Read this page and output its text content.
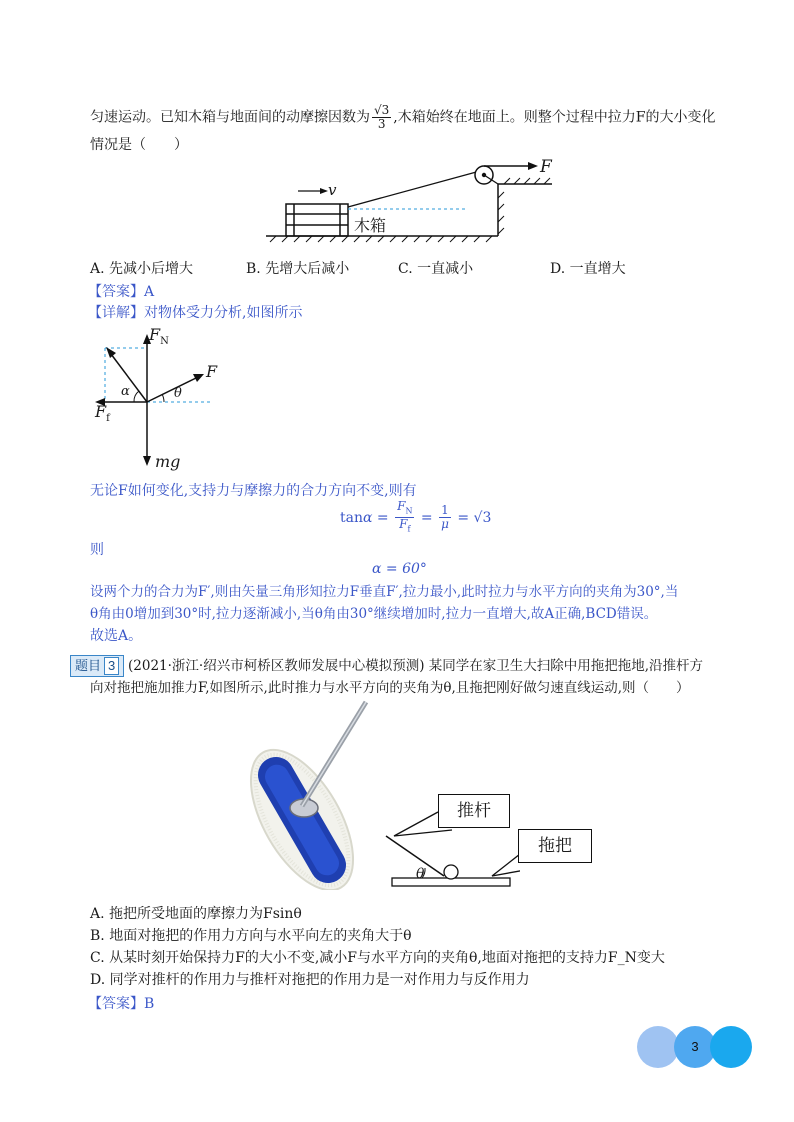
匀速运动。已知木箱与地面间的动摩擦因数为 $\frac{√3}{3}$ ,木箱始终在地面上。则整个过程中拉力F的大小变化
情况是（　　）
v
木箱
F
A. 先减小后增大	B. 先增大后减小	C. 一直减小	D. 一直增大
【答案】A
【详解】对物体受力分析,如图所示
$F_N$
F
$F_f$
α	θ
mg
无论F如何变化,支持力与摩擦力的合力方向不变,则有
$\tan\alpha = \frac{F_N}{F_f} = \frac{1}{\mu} = √3$
则
α = 60°
设两个力的合力为F′,则由矢量三角形知拉力F垂直F′,拉力最小,此时拉力与水平方向的夹角为30°,当
θ角由0增加到30°时,拉力逐渐减小,当θ角由30°继续增加时,拉力一直增大,故A正确,BCD错误。
故选A。
题目 3 (2021·浙江·绍兴市柯桥区教师发展中心模拟预测) 某同学在家卫生大扫除中用拖把拖地,沿推杆方
向对拖把施加推力F,如图所示,此时推力与水平方向的夹角为θ,且拖把刚好做匀速直线运动,则（　　）
推杆
拖把
θ
A. 拖把所受地面的摩擦力为Fsinθ
B. 地面对拖把的作用力方向与水平向左的夹角大于θ
C. 从某时刻开始保持力F的大小不变,减小F与水平方向的夹角θ,地面对拖把的支持力F_N变大
D. 同学对推杆的作用力与推杆对拖把的作用力是一对作用力与反作用力
【答案】B
3
